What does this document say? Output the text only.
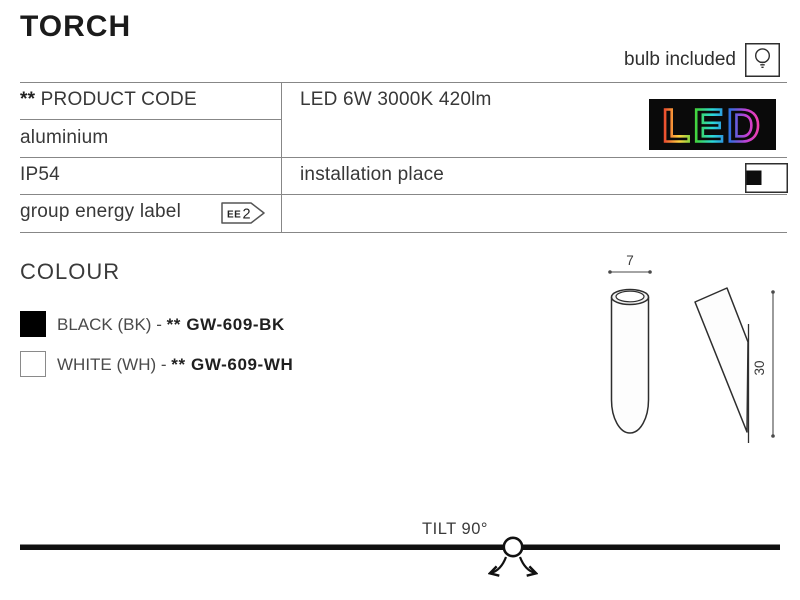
TORCH
bulb included
** PRODUCT CODE	LED 6W 3000K 420lm
aluminium
IP54	installation place
group energy label	EE 2
LED
COLOUR
BLACK (BK) - ** GW-609-BK
WHITE (WH) - ** GW-609-WH
7
30
TILT 90°
